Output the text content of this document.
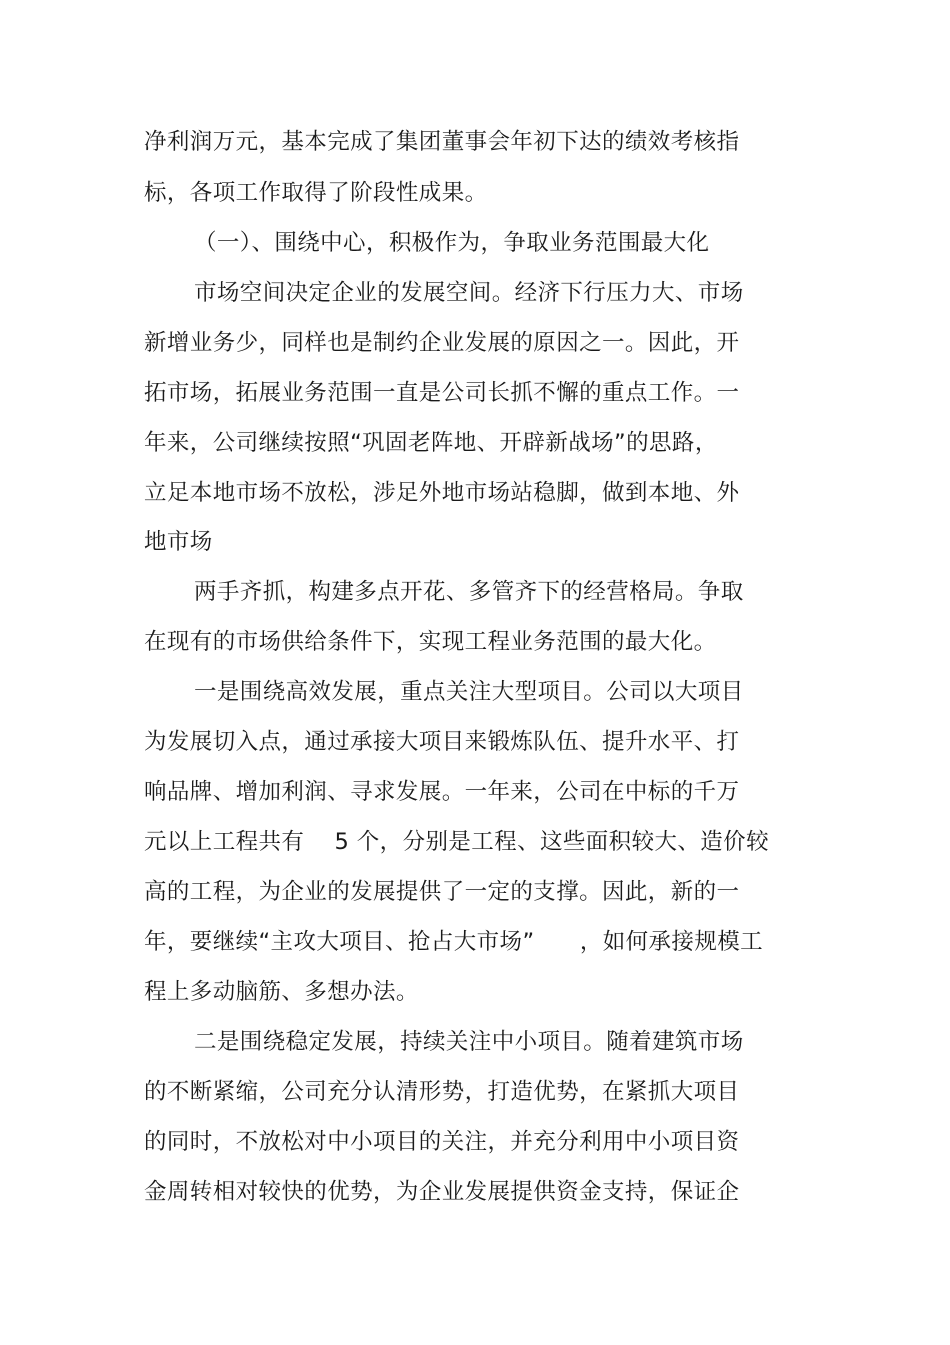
净利润万元，基本完成了集团董事会年初下达的绩效考核指
标，各项工作取得了阶段性成果。
（一）、围绕中心，积极作为，争取业务范围最大化
市场空间决定企业的发展空间。经济下行压力大、市场
新增业务少，同样也是制约企业发展的原因之一。因此，开
拓市场，拓展业务范围一直是公司长抓不懈的重点工作。一
年来，公司继续按照“巩固老阵地、开辟新战场”的思路，
立足本地市场不放松，涉足外地市场站稳脚，做到本地、外
地市场
两手齐抓，构建多点开花、多管齐下的经营格局。争取
在现有的市场供给条件下，实现工程业务范围的最大化。
一是围绕高效发展，重点关注大型项目。公司以大项目
为发展切入点，通过承接大项目来锻炼队伍、提升水平、打
响品牌、增加利润、寻求发展。一年来，公司在中标的千万
元以上工程共有    5 个，分别是工程、这些面积较大、造价较
高的工程，为企业的发展提供了一定的支撑。因此，新的一
年，要继续“主攻大项目、抢占大市场”      ，如何承接规模工
程上多动脑筋、多想办法。
二是围绕稳定发展，持续关注中小项目。随着建筑市场
的不断紧缩，公司充分认清形势，打造优势，在紧抓大项目
的同时，不放松对中小项目的关注，并充分利用中小项目资
金周转相对较快的优势，为企业发展提供资金支持，保证企
